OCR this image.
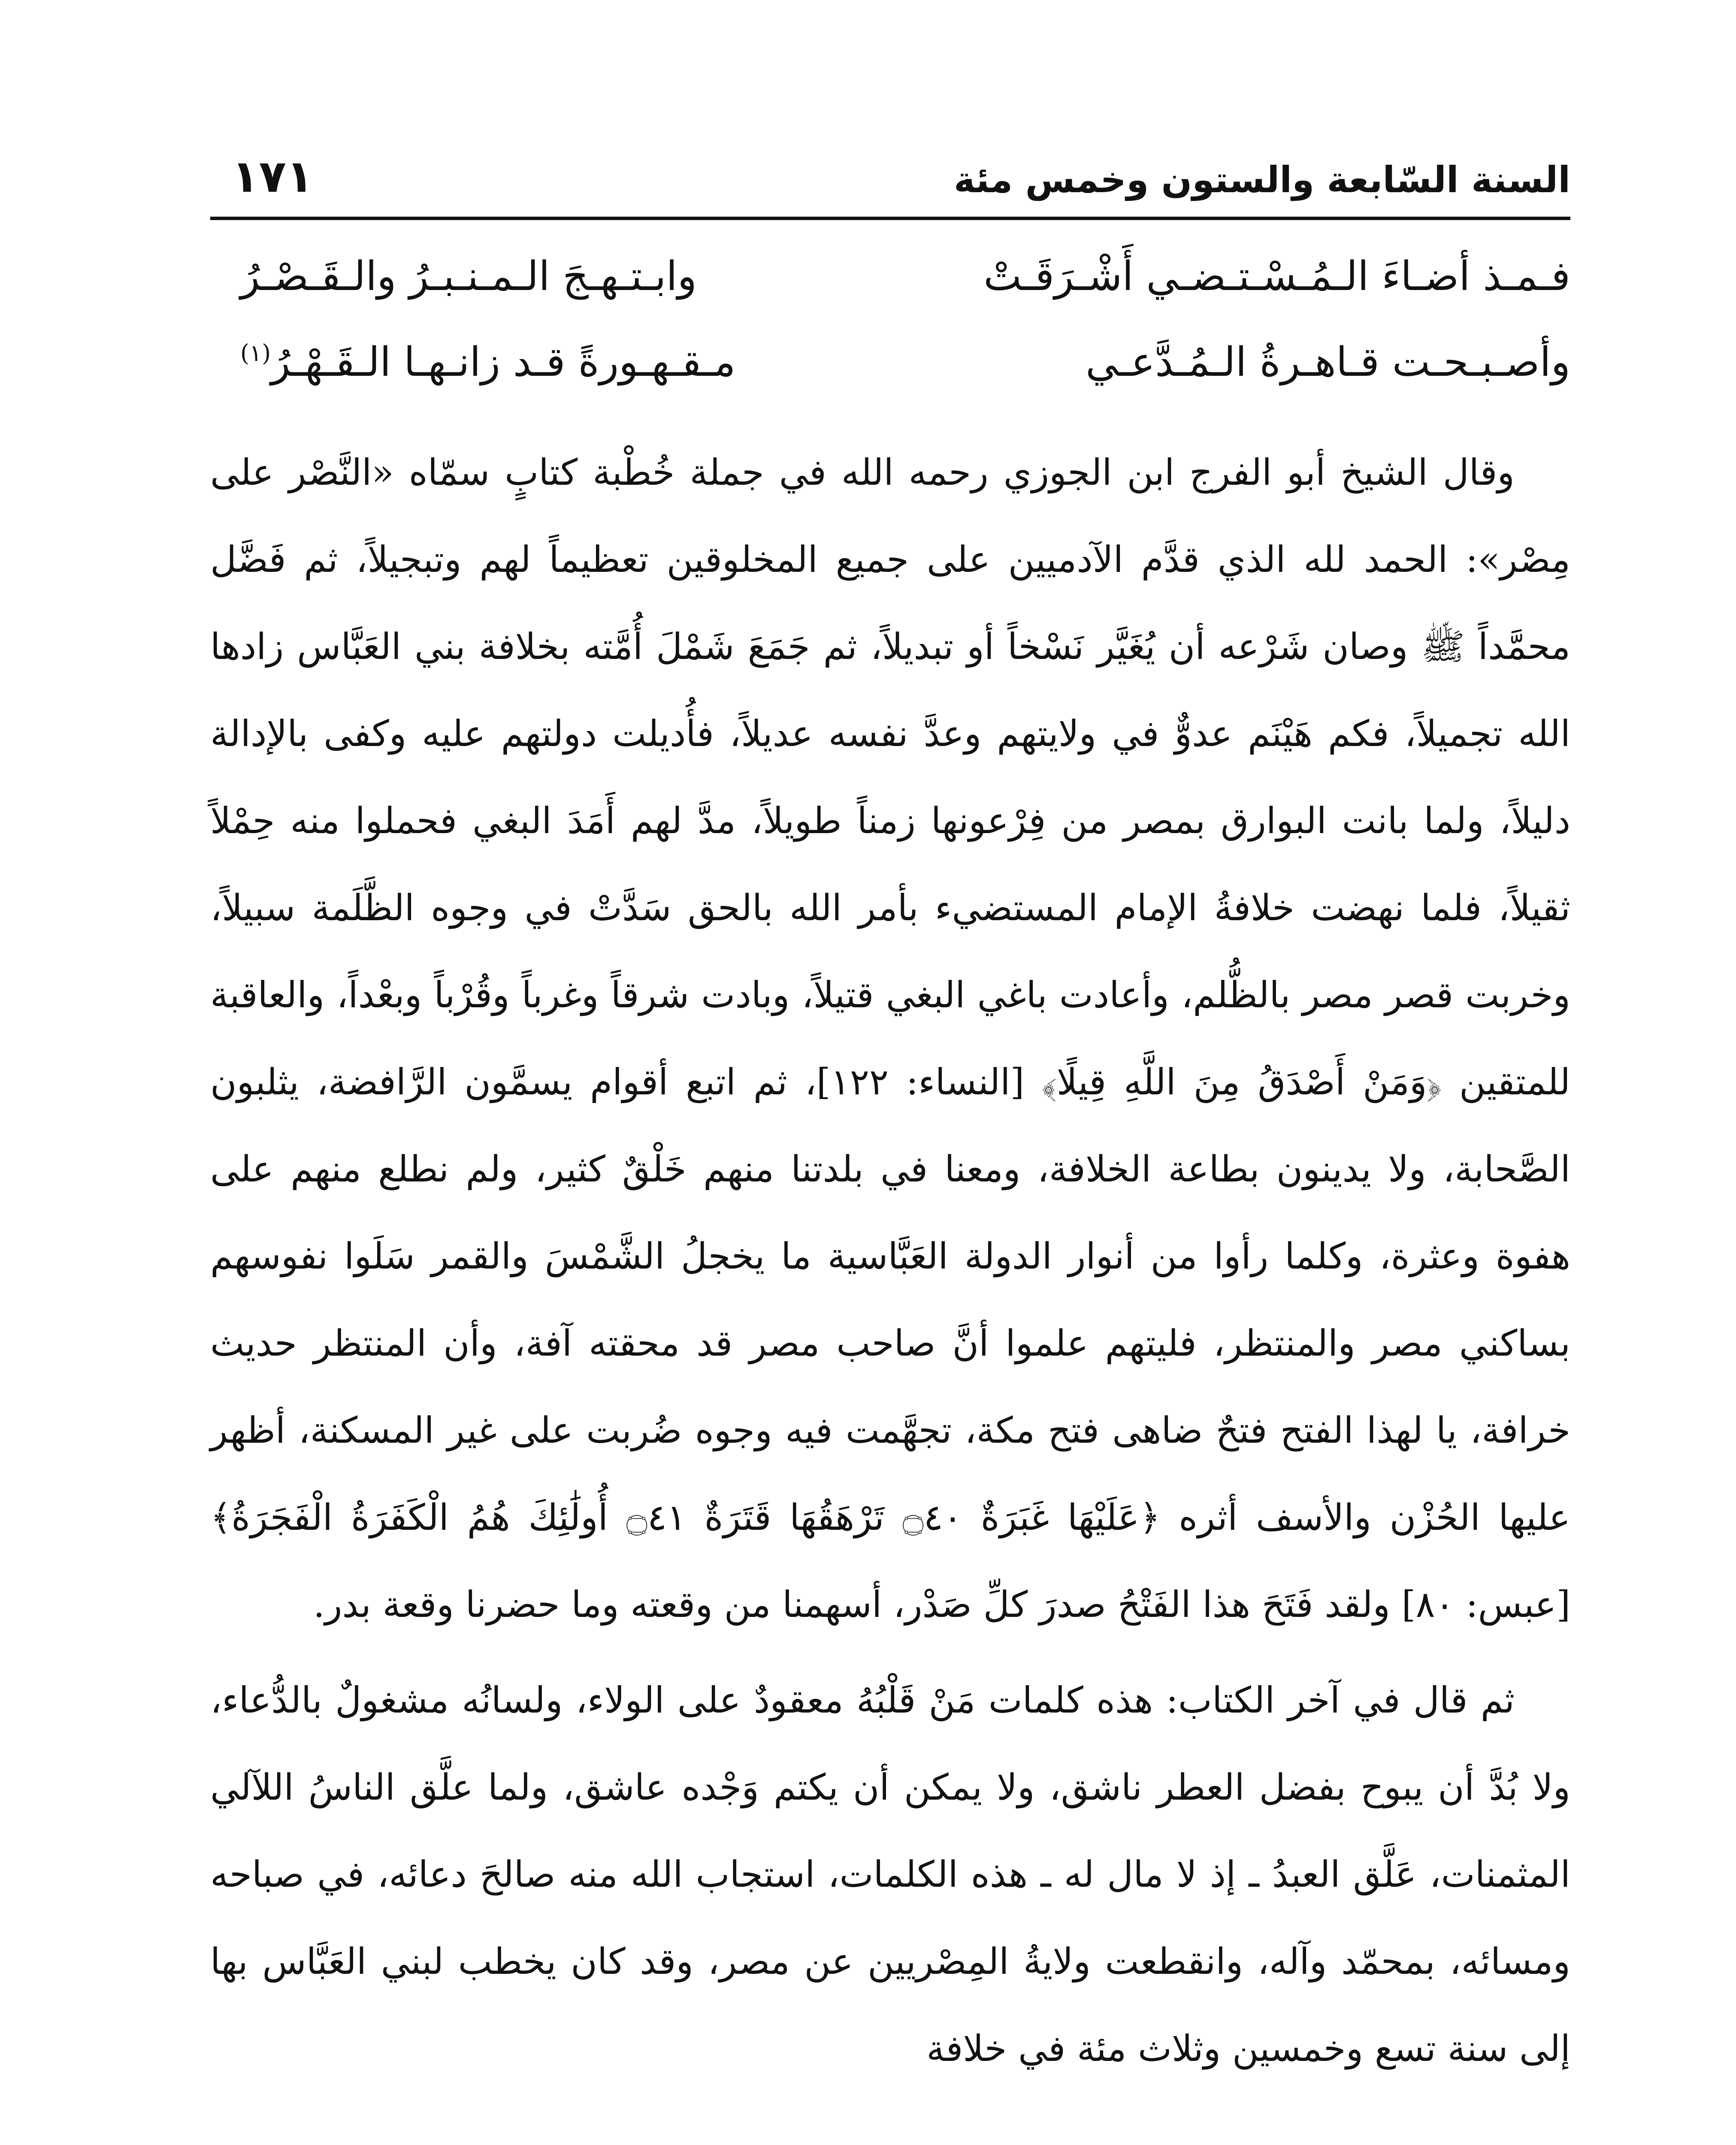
السنة السّابعة والستون وخمس مئة
١٧١
فـمـذ أضـاءَ الـمُـسْـتـضـي أَشْـرَقَـتْ
وابـتـهـجَ الـمـنـبـرُ والـقَـصْـرُ
وأصـبـحـت قـاهـرةُ الـمُـدَّعـي
مـقـهـورةً قـد زانـهـا الـقَـهْـرُ$^{(١)}$

وقال الشيخ أبو الفرج ابن الجوزي رحمه الله في جملة خُطْبة كتابٍ سمّاه «النَّصْر على مِصْر»: الحمد لله الذي قدَّم الآدميين على جميع المخلوقين تعظيماً لهم وتبجيلاً، ثم فَضَّل محمَّداً ﷺ وصان شَرْعه أن يُغَيَّر نَسْخاً أو تبديلاً، ثم جَمَعَ شَمْلَ أُمَّته بخلافة بني العَبَّاس زادها الله تجميلاً، فكم هَيْنَم عدوٌّ في ولايتهم وعدَّ نفسه عديلاً، فأُديلت دولتهم عليه وكفى بالإدالة دليلاً، ولما بانت البوارق بمصر من فِرْعونها زمناً طويلاً، مدَّ لهم أَمَدَ البغي فحملوا منه حِمْلاً ثقيلاً، فلما نهضت خلافةُ الإمام المستضيء بأمر الله بالحق سَدَّتْ في وجوه الظَّلَمة سبيلاً، وخربت قصر مصر بالظُّلم، وأعادت باغي البغي قتيلاً، وبادت شرقاً وغرباً وقُرْباً وبعْداً، والعاقبة للمتقين ﴿وَمَنْ أَصْدَقُ مِنَ اللَّهِ قِيلًا﴾ [النساء: ١٢٢]، ثم اتبع أقوام يسمَّون الرَّافضة، يثلبون الصَّحابة، ولا يدينون بطاعة الخلافة، ومعنا في بلدتنا منهم خَلْقٌ كثير، ولم نطلع منهم على هفوة وعثرة، وكلما رأوا من أنوار الدولة العَبَّاسية ما يخجلُ الشَّمْسَ والقمر سَلَوا نفوسهم بساكني مصر والمنتظر، فليتهم علموا أنَّ صاحب مصر قد محقته آفة، وأن المنتظر حديث خرافة، يا لهذا الفتح فتحٌ ضاهى فتح مكة، تجهَّمت فيه وجوه ضُربت على غير المسكنة، أظهر عليها الحُزْن والأسف أثره ﴿عَلَيْهَا غَبَرَةٌ ۝٤٠ تَرْهَقُهَا قَتَرَةٌ ۝٤١ أُولَٰئِكَ هُمُ الْكَفَرَةُ الْفَجَرَةُ﴾ [عبس: ٨٠] ولقد فَتَحَ هذا الفَتْحُ صدرَ كلِّ صَدْر، أسهمنا من وقعته وما حضرنا وقعة بدر.

ثم قال في آخر الكتاب: هذه كلمات مَنْ قَلْبُهُ معقودٌ على الولاء، ولسانُه مشغولٌ بالدُّعاء، ولا بُدَّ أن يبوح بفضل العطر ناشق، ولا يمكن أن يكتم وَجْده عاشق، ولما علَّق الناسُ اللآلي المثمنات، عَلَّق العبدُ ـ إذ لا مال له ـ هذه الكلمات، استجاب الله منه صالحَ دعائه، في صباحه ومسائه، بمحمّد وآله، وانقطعت ولايةُ المِصْريين عن مصر، وقد كان يخطب لبني العَبَّاس بها إلى سنة تسع وخمسين وثلاث مئة في خلافة
